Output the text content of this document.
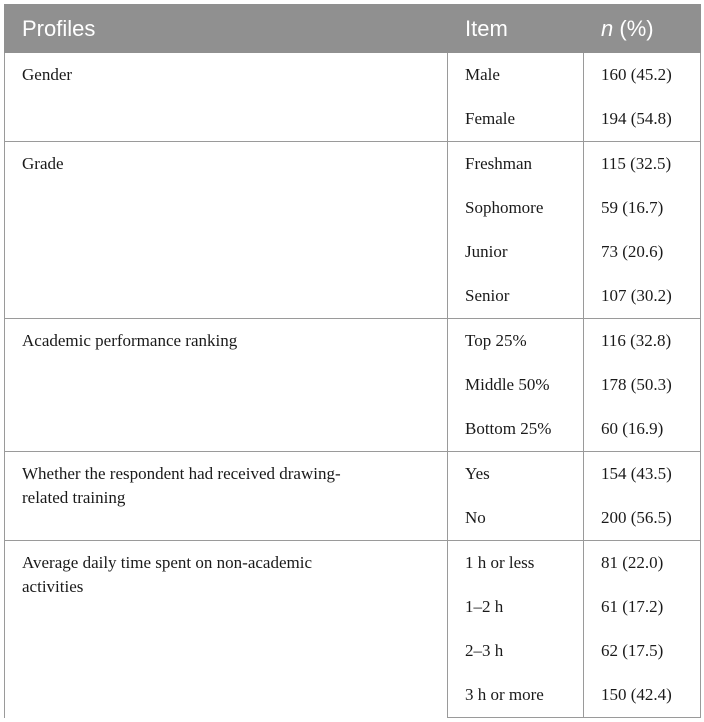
Profiles	Item	n (%)
Gender	Male	160 (45.2)
	Female	194 (54.8)
Grade	Freshman	115 (32.5)
	Sophomore	59 (16.7)
	Junior	73 (20.6)
	Senior	107 (30.2)
Academic performance ranking	Top 25%	116 (32.8)
	Middle 50%	178 (50.3)
	Bottom 25%	60 (16.9)
Whether the respondent had received drawing-related training	Yes	154 (43.5)
	No	200 (56.5)
Average daily time spent on non-academic activities	1 h or less	81 (22.0)
	1–2 h	61 (17.2)
	2–3 h	62 (17.5)
	3 h or more	150 (42.4)
